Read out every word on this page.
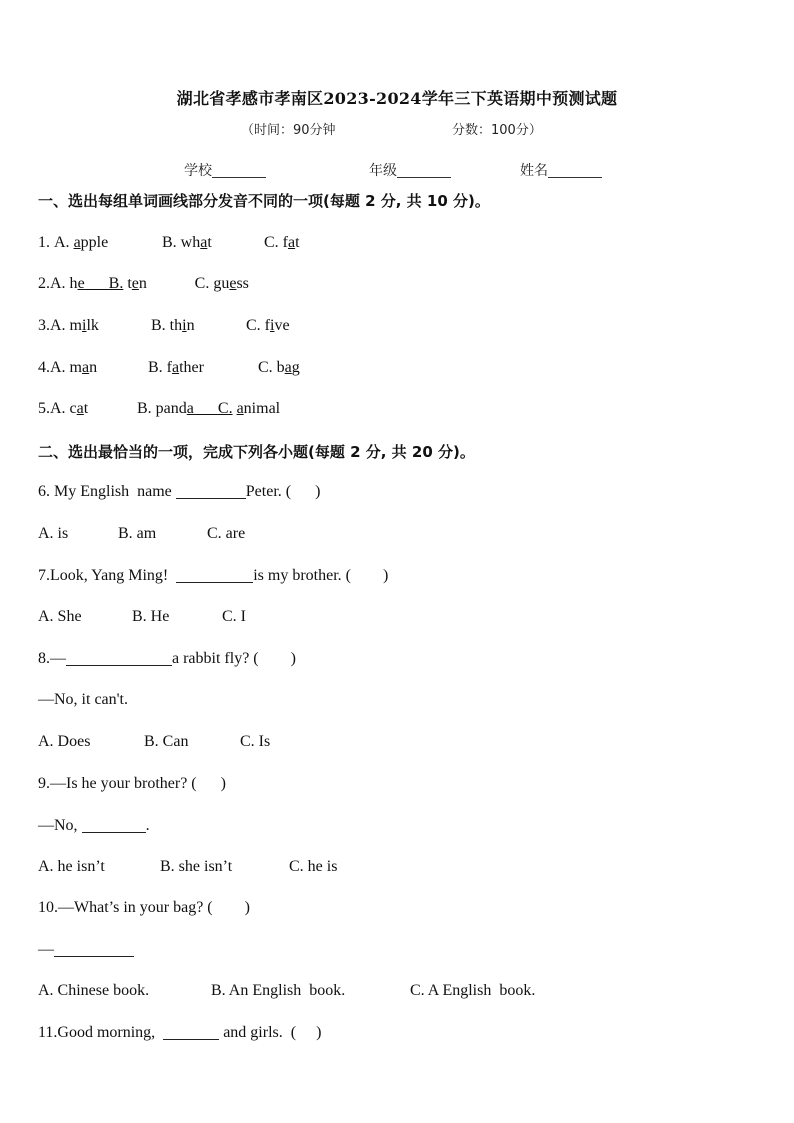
湖北省孝感市孝南区2023-2024学年三下英语期中预测试题
（时间：90分钟	分数：100分）
学校	年级	姓名
一、选出每组单词画线部分发音不同的一项(每题 2 分, 共 10 分)。
1. A. apple	B. what	C. fat
2.A. he B. ten	C. guess
3.A. milk	B. thin	C. five
4.A. man	B. father	C. bag
5.A. cat	B. panda C. animal
二、选出最恰当的一项，完成下列各小题(每题 2 分, 共 20 分)。
6. My English  name	Peter. (      )
A. is	B. am	C. are
7.Look, Yang Ming!	is my brother. (        )
A. She	B. He	C. I
8.—	a rabbit fly? (        )
—No, it can't.
A. Does	B. Can	C. Is
9.—Is he your brother? (      )
—No,	.
A. he isn’t	B. she isn’t	C. he is
10.—What’s in your bag? (        )
—
A. Chinese book.	B. An English  book.	C. A English  book.
11.Good morning,	and girls.  (     )
